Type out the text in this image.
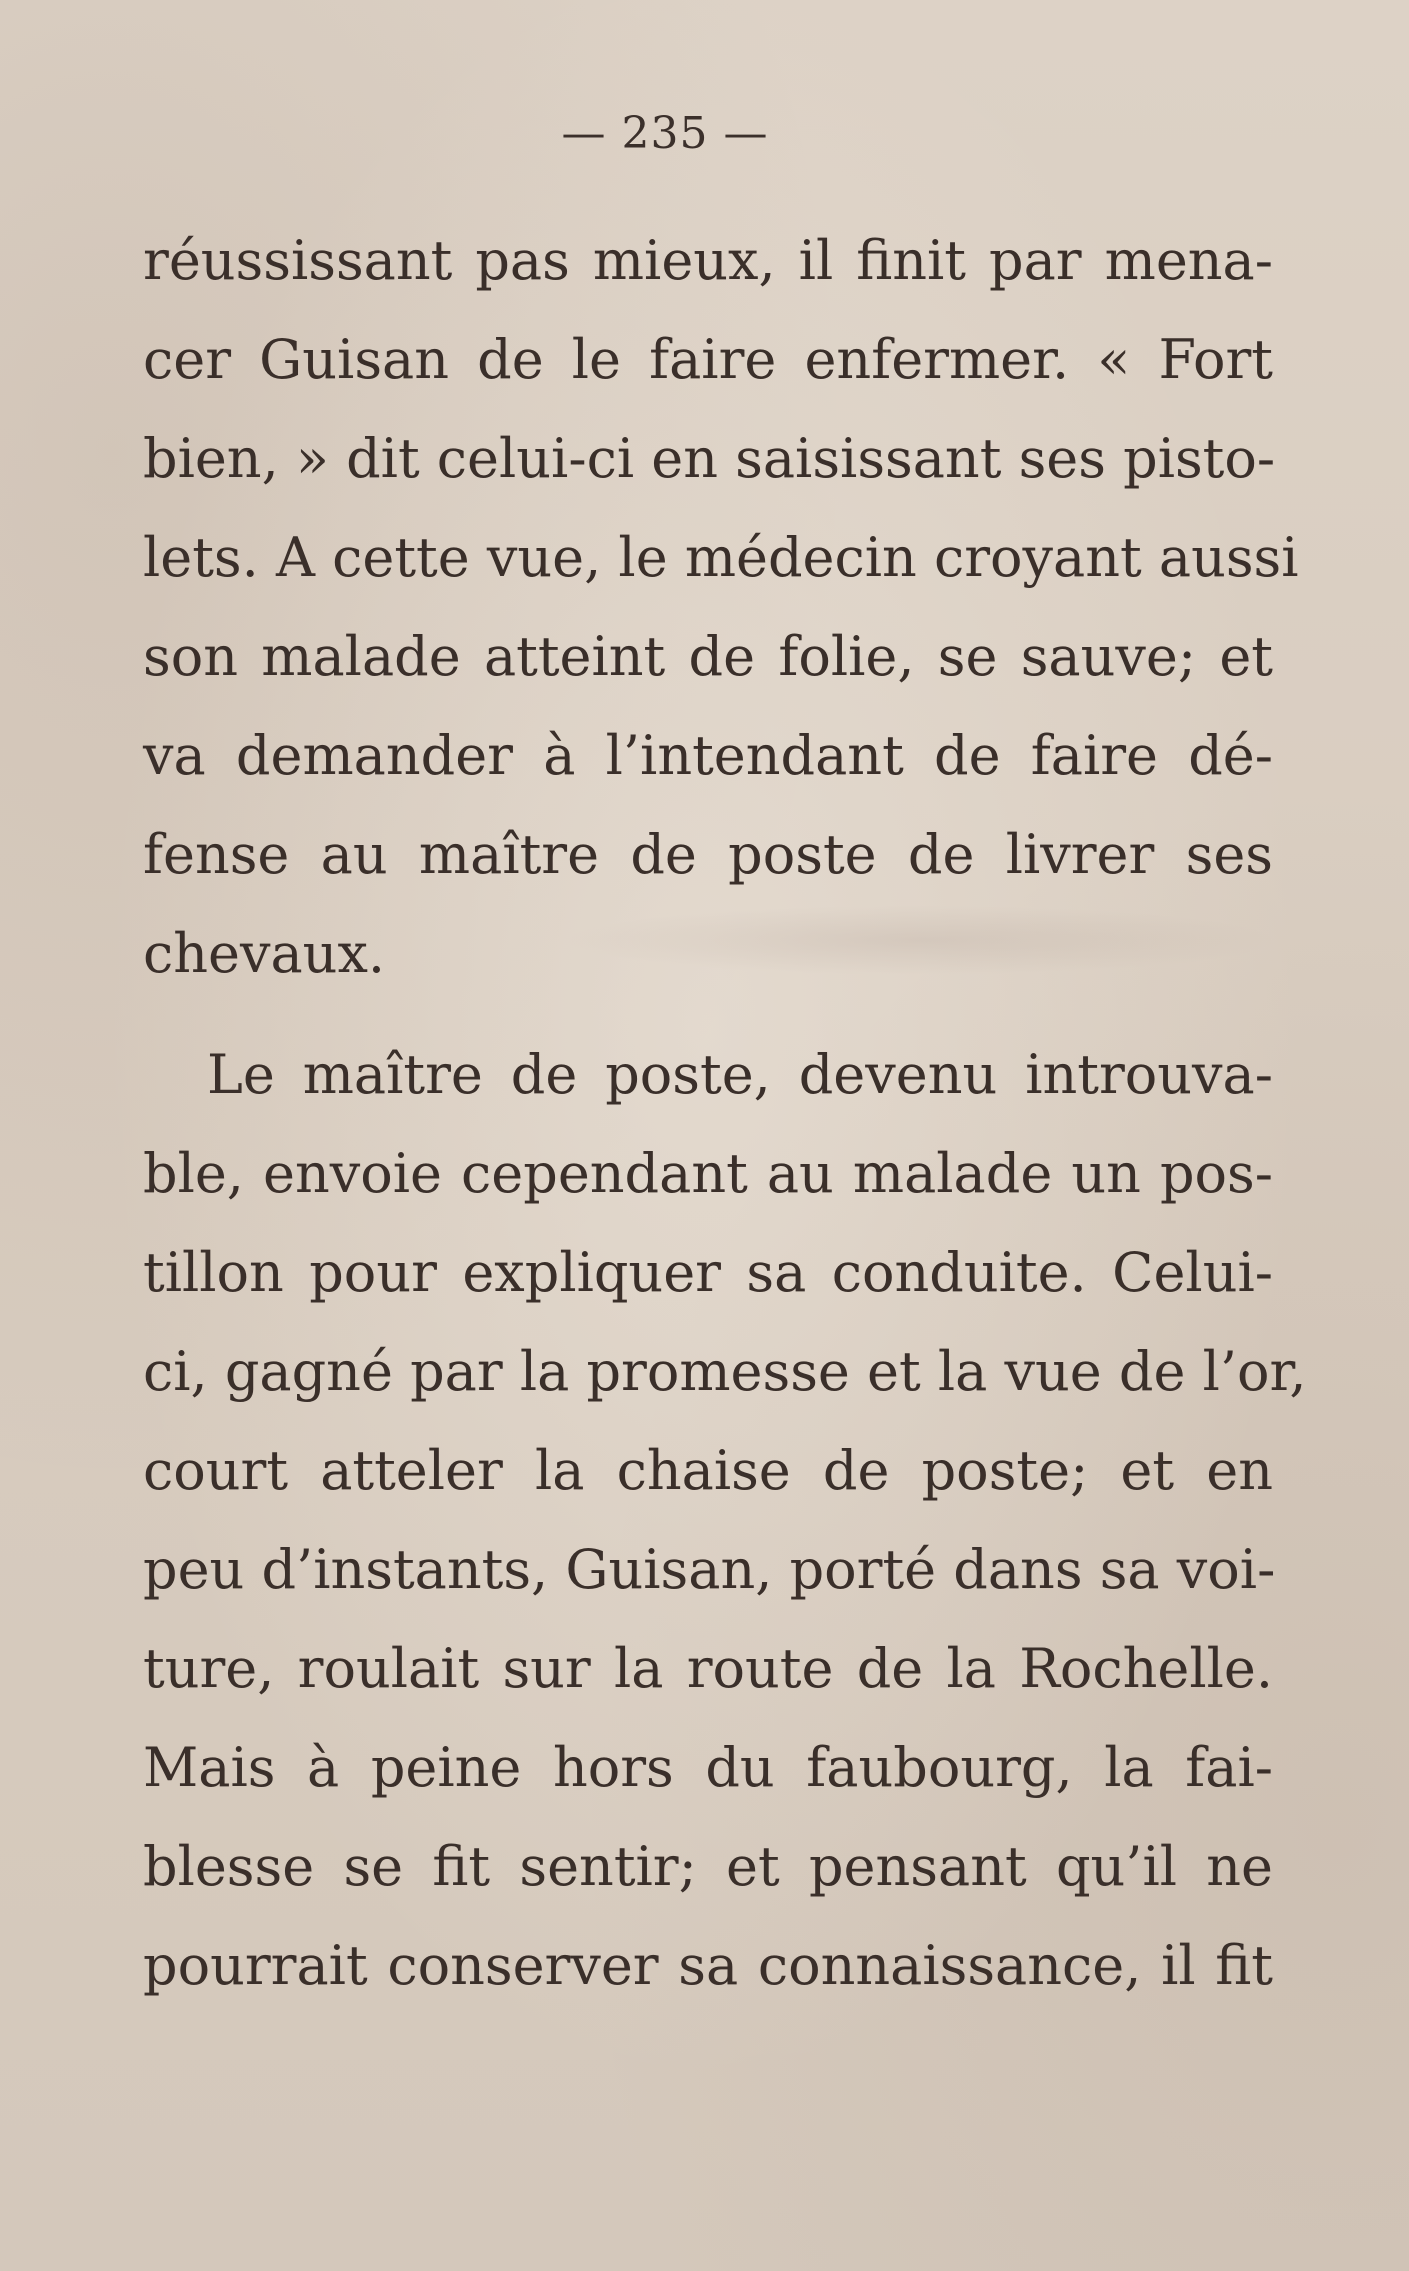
— 235 —
réussissant pas mieux, il finit par mena-
cer Guisan de le faire enfermer. « Fort
bien, » dit celui-ci en saisissant ses pisto-
lets. A cette vue, le médecin croyant aussi
son malade atteint de folie, se sauve; et
va demander à l’intendant de faire dé-
fense au maître de poste de livrer ses
chevaux.
Le maître de poste, devenu introuva-
ble, envoie cependant au malade un pos-
tillon pour expliquer sa conduite. Celui-
ci, gagné par la promesse et la vue de l’or,
court atteler la chaise de poste; et en
peu d’instants, Guisan, porté dans sa voi-
ture, roulait sur la route de la Rochelle.
Mais à peine hors du faubourg, la fai-
blesse se fit sentir; et pensant qu’il ne
pourrait conserver sa connaissance, il fit
